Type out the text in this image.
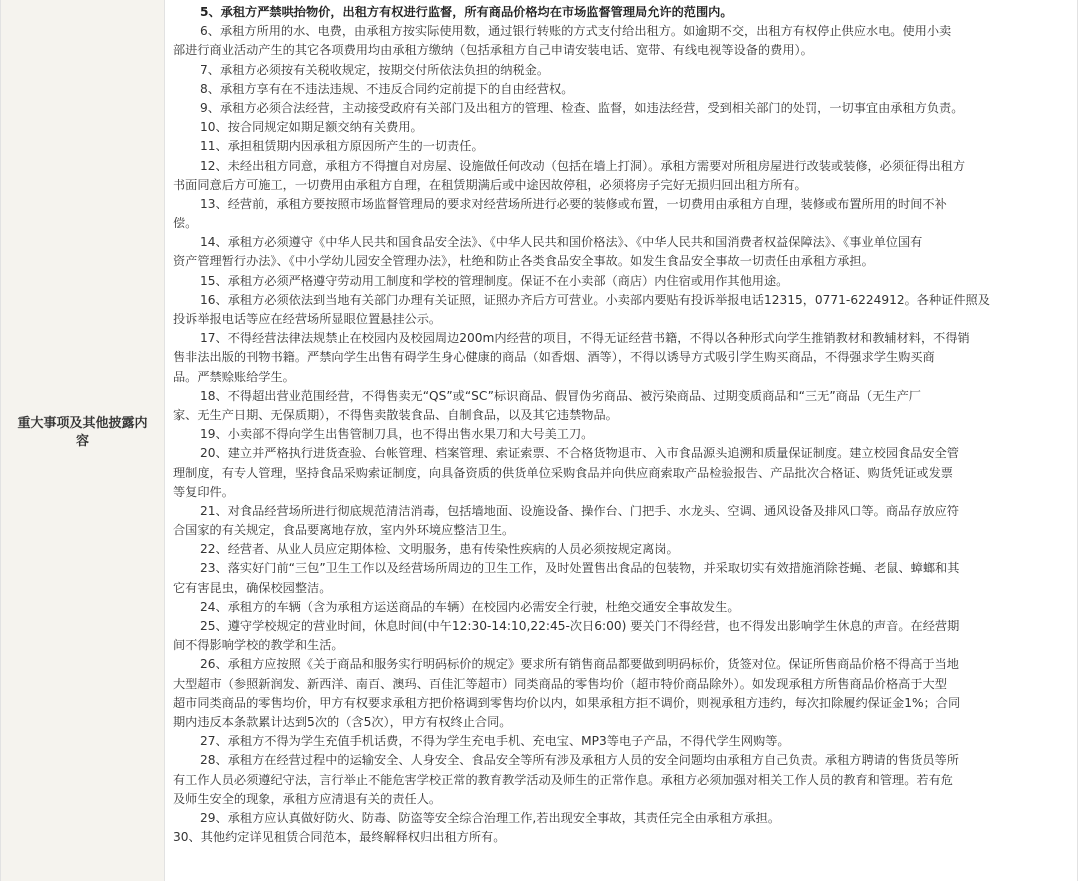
重大事项及其他披露内容
5、承租方严禁哄抬物价，出租方有权进行监督，所有商品价格均在市场监督管理局允许的范围内。
6、承租方所用的水、电费，由承租方按实际使用数，通过银行转账的方式支付给出租方。如逾期不交，出租方有权停止供应水电。使用小卖
部进行商业活动产生的其它各项费用均由承租方缴纳（包括承租方自己申请安装电话、宽带、有线电视等设备的费用）。
7、承租方必须按有关税收规定，按期交付所依法负担的纳税金。
8、承租方享有在不违法违规、不违反合同约定前提下的自由经营权。
9、承租方必须合法经营，主动接受政府有关部门及出租方的管理、检查、监督，如违法经营，受到相关部门的处罚，一切事宜由承租方负责。
10、按合同规定如期足额交纳有关费用。
11、承担租赁期内因承租方原因所产生的一切责任。
12、未经出租方同意，承租方不得擅自对房屋、设施做任何改动（包括在墙上打洞）。承租方需要对所租房屋进行改装或装修，必须征得出租方
书面同意后方可施工，一切费用由承租方自理，在租赁期满后或中途因故停租，必须将房子完好无损归回出租方所有。
13、经营前，承租方要按照市场监督管理局的要求对经营场所进行必要的装修或布置，一切费用由承租方自理，装修或布置所用的时间不补
偿。
14、承租方必须遵守《中华人民共和国食品安全法》、《中华人民共和国价格法》、《中华人民共和国消费者权益保障法》、《事业单位国有
资产管理暂行办法》、《中小学幼儿园安全管理办法》，杜绝和防止各类食品安全事故。如发生食品安全事故一切责任由承租方承担。
15、承租方必须严格遵守劳动用工制度和学校的管理制度。保证不在小卖部（商店）内住宿或用作其他用途。
16、承租方必须依法到当地有关部门办理有关证照，证照办齐后方可营业。小卖部内要贴有投诉举报电话12315，0771-6224912。各种证件照及
投诉举报电话等应在经营场所显眼位置悬挂公示。
17、不得经营法律法规禁止在校园内及校园周边200m内经营的项目，不得无证经营书籍，不得以各种形式向学生推销教材和教辅材料，不得销
售非法出版的刊物书籍。严禁向学生出售有碍学生身心健康的商品（如香烟、酒等），不得以诱导方式吸引学生购买商品，不得强求学生购买商
品。严禁赊账给学生。
18、不得超出营业范围经营，不得售卖无“QS”或“SC”标识商品、假冒伪劣商品、被污染商品、过期变质商品和“三无”商品（无生产厂
家、无生产日期、无保质期），不得售卖散装食品、自制食品，以及其它违禁物品。
19、小卖部不得向学生出售管制刀具，也不得出售水果刀和大号美工刀。
20、建立并严格执行进货查验、台帐管理、档案管理、索证索票、不合格货物退市、入市食品源头追溯和质量保证制度。建立校园食品安全管
理制度，有专人管理，坚持食品采购索证制度，向具备资质的供货单位采购食品并向供应商索取产品检验报告、产品批次合格证、购货凭证或发票
等复印件。
21、对食品经营场所进行彻底规范清洁消毒，包括墙地面、设施设备、操作台、门把手、水龙头、空调、通风设备及排风口等。商品存放应符
合国家的有关规定，食品要离地存放，室内外环境应整洁卫生。
22、经营者、从业人员应定期体检、文明服务，患有传染性疾病的人员必须按规定离岗。
23、落实好门前“三包”卫生工作以及经营场所周边的卫生工作，及时处置售出食品的包装物，并采取切实有效措施消除苍蝇、老鼠、蟑螂和其
它有害昆虫，确保校园整洁。
24、承租方的车辆（含为承租方运送商品的车辆）在校园内必需安全行驶，杜绝交通安全事故发生。
25、遵守学校规定的营业时间，休息时间(中午12:30-14:10,22:45-次日6:00) 要关门不得经营，也不得发出影响学生休息的声音。在经营期
间不得影响学校的教学和生活。
26、承租方应按照《关于商品和服务实行明码标价的规定》要求所有销售商品都要做到明码标价，货签对位。保证所售商品价格不得高于当地
大型超市（参照新润发、新西洋、南百、澳玛、百佳汇等超市）同类商品的零售均价（超市特价商品除外）。如发现承租方所售商品价格高于大型
超市同类商品的零售均价，甲方有权要求承租方把价格调到零售均价以内，如果承租方拒不调价，则视承租方违约，每次扣除履约保证金1%；合同
期内违反本条款累计达到5次的（含5次），甲方有权终止合同。
27、承租方不得为学生充值手机话费，不得为学生充电手机、充电宝、MP3等电子产品，不得代学生网购等。
28、承租方在经营过程中的运输安全、人身安全、食品安全等所有涉及承租方人员的安全问题均由承租方自己负责。承租方聘请的售货员等所
有工作人员必须遵纪守法，言行举止不能危害学校正常的教育教学活动及师生的正常作息。承租方必须加强对相关工作人员的教育和管理。若有危
及师生安全的现象，承租方应清退有关的责任人。
29、承租方应认真做好防火、防毒、防盗等安全综合治理工作,若出现安全事故，其责任完全由承租方承担。
30、其他约定详见租赁合同范本，最终解释权归出租方所有。
